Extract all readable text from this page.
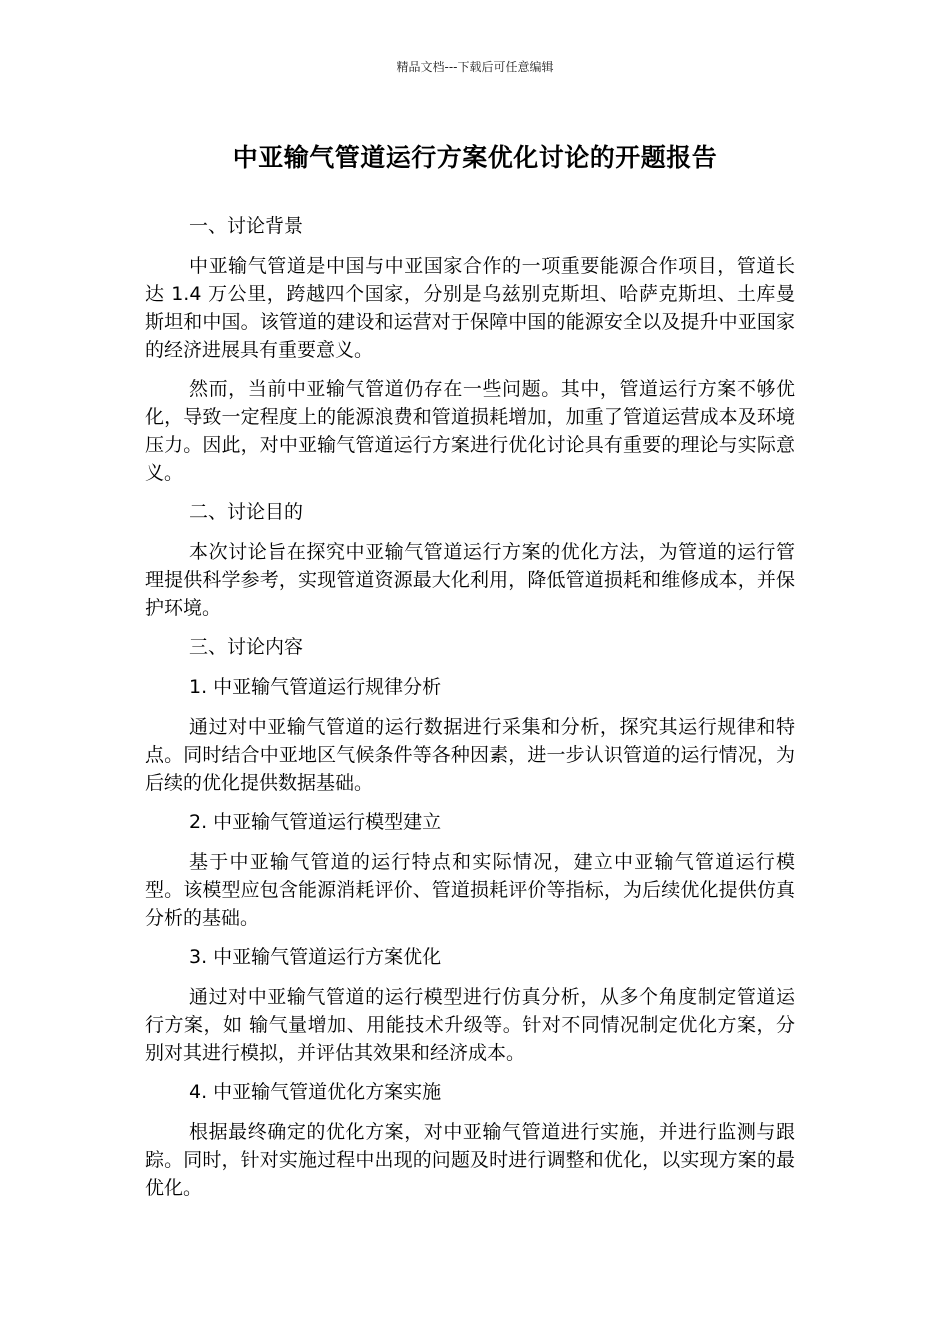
精品文档---下载后可任意编辑
中亚输气管道运行方案优化讨论的开题报告

一、讨论背景

中亚输气管道是中国与中亚国家合作的一项重要能源合作项目，管道长达 1.4 万公里，跨越四个国家，分别是乌兹别克斯坦、哈萨克斯坦、土库曼斯坦和中国。该管道的建设和运营对于保障中国的能源安全以及提升中亚国家的经济进展具有重要意义。

然而，当前中亚输气管道仍存在一些问题。其中，管道运行方案不够优化，导致一定程度上的能源浪费和管道损耗增加，加重了管道运营成本及环境压力。因此，对中亚输气管道运行方案进行优化讨论具有重要的理论与实际意义。

二、讨论目的

本次讨论旨在探究中亚输气管道运行方案的优化方法，为管道的运行管理提供科学参考，实现管道资源最大化利用，降低管道损耗和维修成本，并保护环境。

三、讨论内容

1. 中亚输气管道运行规律分析

通过对中亚输气管道的运行数据进行采集和分析，探究其运行规律和特点。同时结合中亚地区气候条件等各种因素，进一步认识管道的运行情况，为后续的优化提供数据基础。

2. 中亚输气管道运行模型建立

基于中亚输气管道的运行特点和实际情况，建立中亚输气管道运行模型。该模型应包含能源消耗评价、管道损耗评价等指标，为后续优化提供仿真分析的基础。

3. 中亚输气管道运行方案优化

通过对中亚输气管道的运行模型进行仿真分析，从多个角度制定管道运行方案，如 输气量增加、用能技术升级等。针对不同情况制定优化方案，分别对其进行模拟，并评估其效果和经济成本。

4. 中亚输气管道优化方案实施

根据最终确定的优化方案，对中亚输气管道进行实施，并进行监测与跟踪。同时，针对实施过程中出现的问题及时进行调整和优化，以实现方案的最优化。
